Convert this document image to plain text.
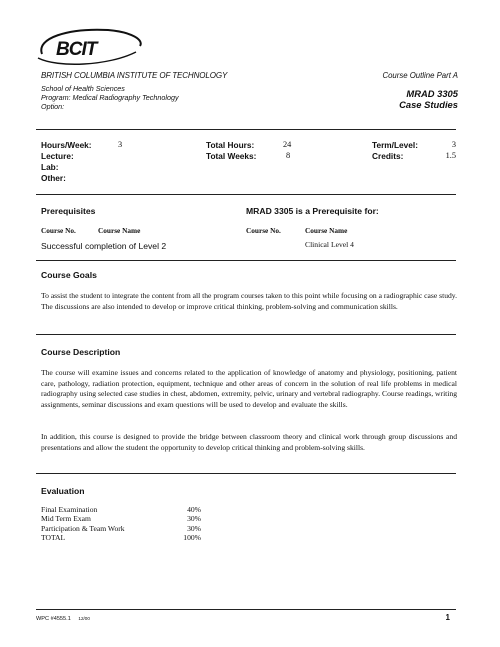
BCIT
BRITISH COLUMBIA INSTITUTE OF TECHNOLOGY
School of Health Sciences
Program: Medical Radiography Technology
Option:
Course Outline Part A
MRAD 3305
Case Studies
Hours/Week:	3
Lecture:
Lab:
Other:
Total Hours:	24
Total Weeks:	8
Term/Level:	3
Credits:	1.5
Prerequisites
Course No.	Course Name
Successful completion of Level 2
MRAD 3305 is a Prerequisite for:
Course No.	Course Name
Clinical Level 4
Course Goals
To assist the student to integrate the content from all the program courses taken to this point while focusing on a radiographic case study. The discussions are also intended to develop or improve critical thinking, problem-solving and communication skills.
Course Description
The course will examine issues and concerns related to the application of knowledge of anatomy and physiology, positioning, patient care, pathology, radiation protection, equipment, technique and other areas of concern in the solution of real life problems in medical radiography using selected case studies in chest, abdomen, extremity, pelvic, urinary and vertebral radiography. Course readings, writing assignments, seminar discussions and exam questions will be used to develop and evaluate the skills.
In addition, this course is designed to provide the bridge between classroom theory and clinical work through group discussions and presentations and allow the student the opportunity to develop critical thinking and problem-solving skills.
Evaluation
Final Examination	40%
Mid Term Exam	30%
Participation & Team Work	30%
TOTAL	100%
WPC #4555.1 12/00	1
